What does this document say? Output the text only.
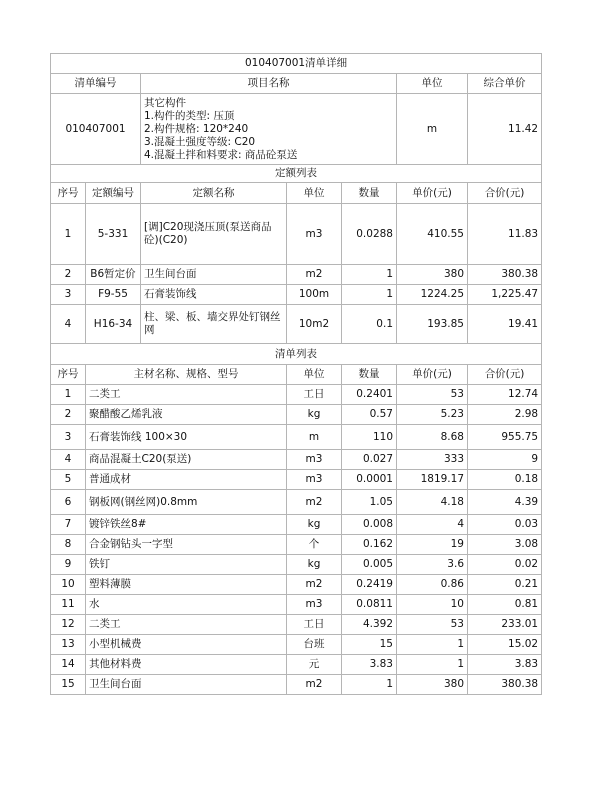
010407001清单详细						
清单编号		项目名称			单位	综合单价
010407001		其它构件
1.构件的类型: 压顶
2.构件规格: 120*240
3.混凝土强度等级: C20
4.混凝土拌和料要求: 商品砼泵送			m	11.42
定额列表						
序号	定额编号	定额名称	单位	数量	单价(元)	合价(元)
1	5-331	[调]C20现浇压顶(泵送商品砼)(C20)	m3	0.0288	410.55	11.83
2	B6暂定价	卫生间台面	m2	1	380	380.38
3	F9-55	石膏装饰线	100m	1	1224.25	1,225.47
4	H16-34	柱、梁、板、墙交界处钉钢丝网	10m2	0.1	193.85	19.41
清单列表						
序号	主材名称、规格、型号		单位	数量	单价(元)	合价(元)
1	二类工		工日	0.2401	53	12.74
2	聚醋酸乙烯乳液		kg	0.57	5.23	2.98
3	石膏装饰线 100×30		m	110	8.68	955.75
4	商品混凝土C20(泵送)		m3	0.027	333	9
5	普通成材		m3	0.0001	1819.17	0.18
6	钢板网(钢丝网)0.8mm		m2	1.05	4.18	4.39
7	镀锌铁丝8#		kg	0.008	4	0.03
8	合金钢钻头一字型		个	0.162	19	3.08
9	铁钉		kg	0.005	3.6	0.02
10	塑料薄膜		m2	0.2419	0.86	0.21
11	水		m3	0.0811	10	0.81
12	二类工		工日	4.392	53	233.01
13	小型机械费		台班	15	1	15.02
14	其他材料费		元	3.83	1	3.83
15	卫生间台面		m2	1	380	380.38
